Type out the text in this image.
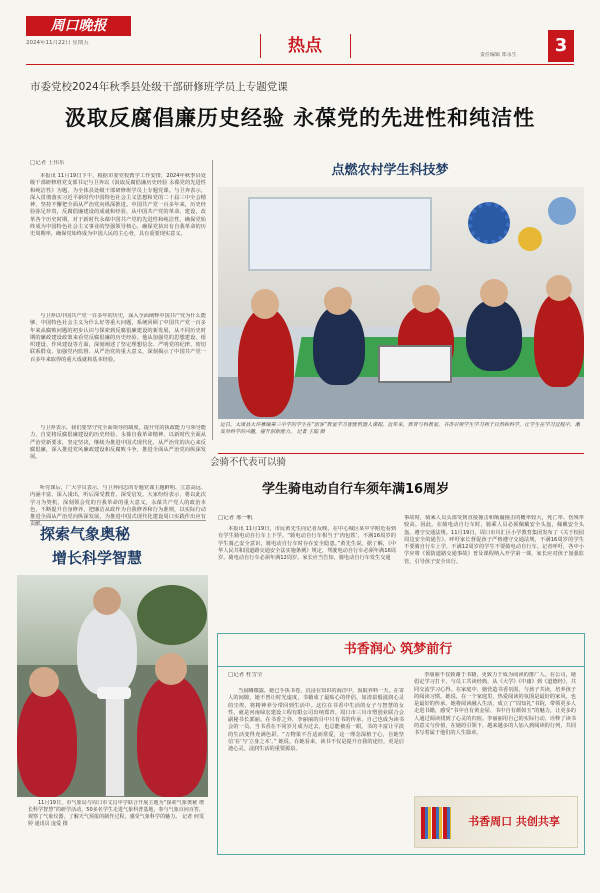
周口晚报
2024年11月22日 星期五	热点	责任编辑 郑永生	3
市委党校2024年秋季县处级干部研修班学员上专题党课
汲取反腐倡廉历史经验 永葆党的先进性和纯洁性
□记者 王伟东
本报讯 11月19日下午，根据市委党校教学工作安排，2024年秋季县处级干部研修班党支部书记与卫奔以《汲取反腐倡廉历史经验 永葆党的先进性和纯洁性》为题，为全体县处级干部研修班学员上专题党课。与卫奔表示，深入贯彻落实习近平新时代中国特色社会主义思想和党的二十届三中全会精神，坚持不懈把全面从严治党向纵深推进。中国共产党一百多年来，历史经验弥足珍贵，反腐倡廉建设的成就和经验，从中国共产党的革命、建设、改革各个历史时期，对于新时代永葆中国共产党的先进性和纯洁性，确保党始终成为中国特色社会主义事业的坚强领导核心，确保党执出有自我革命的历史周期率，确保党始终成为中国人民的主心骨，具有重要现实意义。
与卫奔以中国共产党一百多年的历史，深入全面阐释中国共产党为什么能够，中国特色社会主义为什么好等重大问题，系统回顾了中国共产党一百多年来从腐败问题的初步认识与探索到反腐倡廉建设的新发展，从不同历史时期的廉政建设政策来看党反腐倡廉的历史经验。他从加强党的思想建设、组织建设、作风建设等方面，深刻阐述了坚定理想信念、严明党的纪律、密切联系群众、加强党内监督、从严治党的重大意义，深刻揭示了中国共产党一百多年来取得的重大成就和基本经验。
与卫奔表示，我们要坚守党全面领导的制度，提升党的执政能力与领导能力，自觉将反腐倡廉建设的历史经验、永葆自我革命精神、以新时代全面从严治党新要求，坚定坚决，继续为推进中国式现代化、从严治党的决心来反腐倡廉，深入推进党风廉政建设和反腐败斗争，推进全面从严治党向纵深发展。
听党课后，广大学员表示，与卫奔同志的专题党课主题鲜明、立意高远、内涵丰富、深入浅出，听后深受教育、深受启发。大家纷纷表示，将以此次学习为契机，深刻领会党的自我革命的重大意义，永葆共产党人的政治本色，不断提升自身修养，把廉洁从政作为自我修养和行为准则，以实际行动推进全面从严治党向纵深发展，为推进中国式现代化建设周口实践作出应有贡献。
点燃农村学生科技梦
近日，太康县大许寨镇第三中学的学生在“创客”教室学习智能机器人课程。近年来，教育与科教室、书香引领学生学习利于自然和科学，让学生在学习过程中，激发对科学的兴趣，提升创新能力。 记者 王聪 摄
会骑不代表可以骑
学生骑电动自行车须年满16周岁
□记者 邢一帆
本报讯 11月19日，市民黄先生向记者反映，在中心城区某中学附近看到有学生骑电动自行车上下学。“骑电动自行车相当于‘肉包铁’，不满16周岁的学生骑乙安全意识，骑电动自行车时存在安全隐患。”黄先生说。据了解，《中华人民共和国道路交通安全法实施条例》规定，驾驶电动自行车必须年满16周岁。骑电动自行车必须年满12周岁。家长应当告知，骑电动自行车发生交通
事故时，骑乘人员头部受到直接撞击和颠簸撞击的概率较大，死亡率、伤残率较高。因此，在骑电动自行车时，骑乘人员必须佩戴安全头盔，佩戴安全头盔，遵守交通法规。11月19日，周口市川汇区小学教育集团发布了《关于校园周边安全的通告》，呼吁家长督促孩子严格遵守交通法规，不满16周岁的学生不要骑自行车上学，不满12周岁的学生不要骑电动自行车。记者呼吁，各中小学应将《预防道路交通事故》普及课程纳入开学第一课，家长应对孩子加强监管，引导孩子安全出行。
探索气象奥秘
增长科学智慧
11月19日，市气象局与周口市文昌中学联合开展主题为“探索气象奥秘 增长科学智慧”的研学活动，50多名学生走进气象科普基地，参与气象百问百答，观察了气象仪器，了解天气预报的制作过程，感受气象科学的魅力。 记者 何雯婷 通讯员 庞爱 摄
书香润心 筑梦前行
□记者 杜雪莹
当晨曦微露，她已手执书卷，沉浸在知识的海洋中，汲取养料一天。在寄人的间隙，她不曾让时光虚度，书籍成了最贴心的伴侣，如清泉般滋润心灵的尘埃，将精神养分带回到生活中。这位在书香中生活的女子与智慧的女性，就是河南绿宏建设工程有限公司出纳郑青。周口市三川市塑创业联合会副秘书长郭丽。在书香之外，李丽丽的目中只有书的传承，自己也成为读书会的一员。当书香在不同岁月成为过去，也总能被看一眼。书的丰富让平淡的生活变得充满色彩，“万物果不吾适而常爱，这一理念深植于心，自她坚信‘在’与‘立身之本’。” 她说。在她看来，读书不仅是提升自我的途径，更是启迪心灵，浸润生活的重要源泉。
李丽丽不仅致谢于书籍，更致力于成为阅读的推广人。在公司，她倡定学习打卡，与员工共读经典，从《大学》《中庸》到《道德经》，共同交流学习心得。在家庭中，她营造书香氛围，与孩子共读，培养孩子的阅读习惯。她说，在一个家庭里，热爱阅读的氛围是最好的家风，也是最好的传承。她将阅读融入生活，成立了“周知礼”书院，带领更多人走进书籍，感受“书中自有黄金屋、书中自有颜如玉”的魅力，让更多的人通过阅读找到了心灵的归宿。李丽丽用自己的实际行动，诠释了读书的意义与价值，在她的引领下，越来越多的人加入到阅读的行列，共同书写着属于他们的人生篇章。
书香周口 共创共享
